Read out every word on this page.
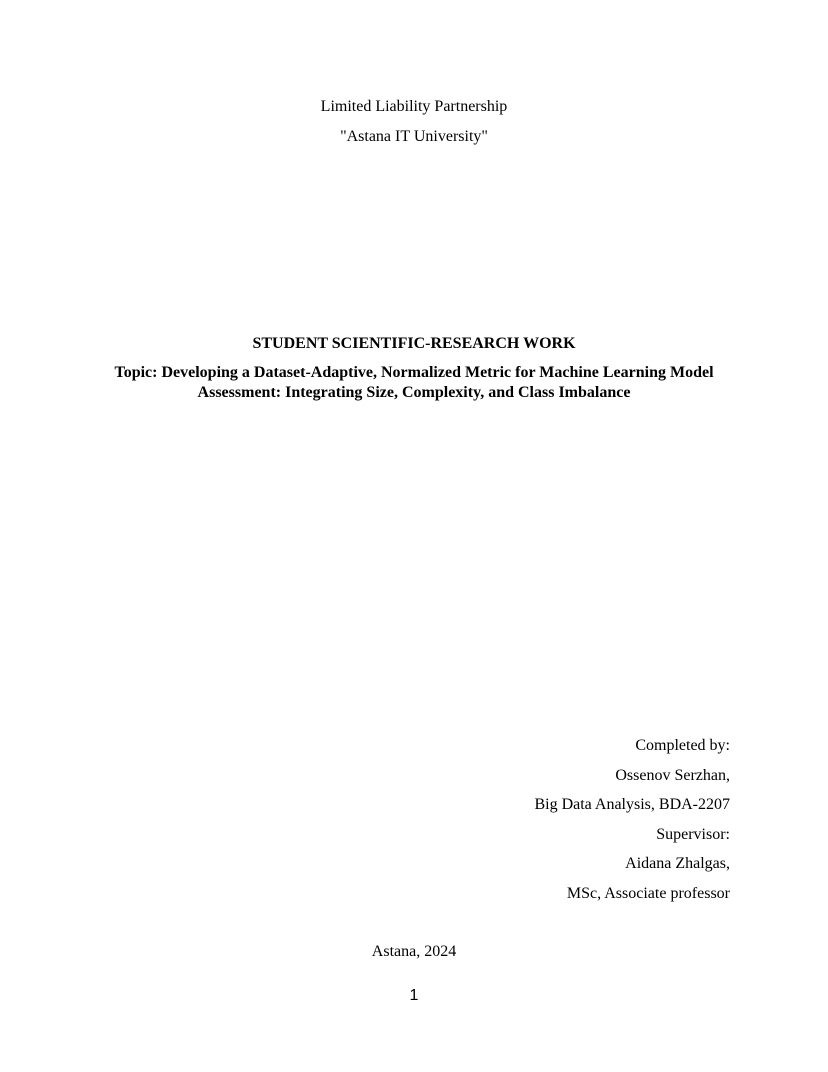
Limited Liability Partnership
"Astana IT University"
STUDENT SCIENTIFIC-RESEARCH WORK
Topic: Developing a Dataset-Adaptive, Normalized Metric for Machine Learning Model
Assessment: Integrating Size, Complexity, and Class Imbalance
Completed by:
Ossenov Serzhan,
Big Data Analysis, BDA-2207
Supervisor:
Aidana Zhalgas,
MSc, Associate professor
Astana, 2024
1
